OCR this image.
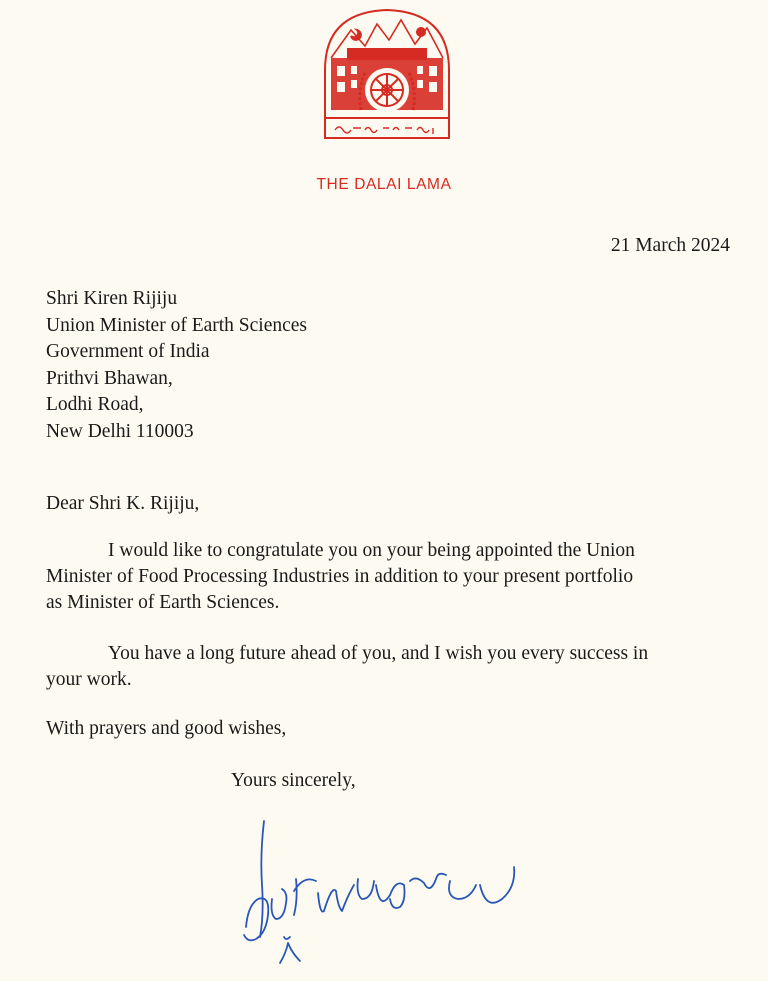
THE DALAI LAMA
21 March 2024
Shri Kiren Rijiju
Union Minister of Earth Sciences
Government of India
Prithvi Bhawan,
Lodhi Road,
New Delhi 110003
Dear Shri K. Rijiju,
I would like to congratulate you on your being appointed the Union
Minister of Food Processing Industries in addition to your present portfolio
as Minister of Earth Sciences.
You have a long future ahead of you, and I wish you every success in
your work.
With prayers and good wishes,
Yours sincerely,
